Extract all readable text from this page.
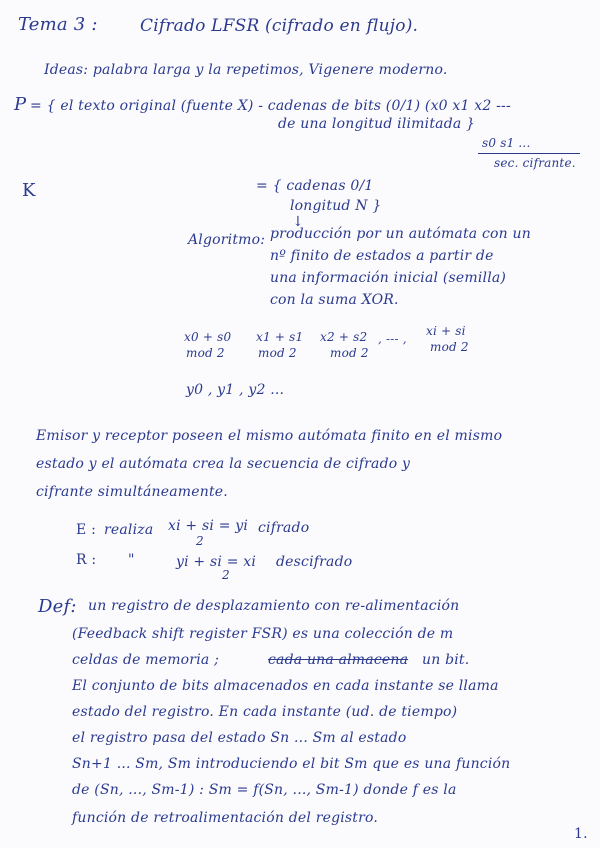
Tema 3 : Cifrado LFSR (cifrado en flujo).
Ideas: palabra larga y la repetimos, Vigenere moderno.
P = { el texto original (fuente X) - cadenas de bits (0/1) (x0 x1 x2 ---
de una longitud ilimitada }
s0 s1 ...
sec. cifrante.
K	= { cadenas 0/1
longitud N }
↓
Algoritmo: producción por un autómata con un
nº finito de estados a partir de
una información inicial (semilla)
con la suma XOR.
x0 + s0
mod 2
x1 + s1
mod 2
x2 + s2
mod 2
, --- ,
xi + si
mod 2
y0 , y1 , y2 ...
Emisor y receptor poseen el mismo autómata finito en el mismo
estado y el autómata crea la secuencia de cifrado y
cifrante simultáneamente.
E : realiza xi + si = yi
2
cifrado
R : "	yi + si = xi
2
descifrado
Def: un registro de desplazamiento con re-alimentación
(Feedback shift register FSR) es una colección de m
celdas de memoria ;	cada una almacena un bit.
El conjunto de bits almacenados en cada instante se llama
estado del registro. En cada instante (ud. de tiempo)
el registro pasa del estado Sn ... Sm al estado
Sn+1 ... Sm, Sm introduciendo el bit Sm que es una función
de (Sn, ..., Sm-1) : Sm = f(Sn, ..., Sm-1) donde f es la
función de retroalimentación del registro.
1.
